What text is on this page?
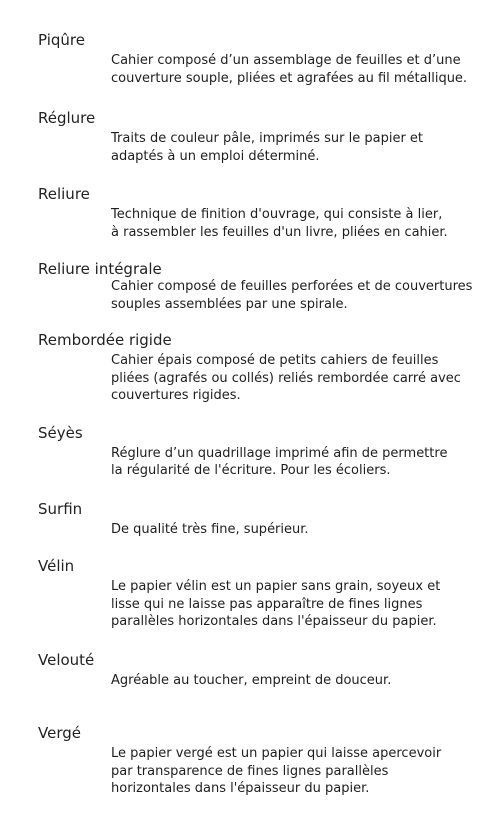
Piqûre
Cahier composé d’un assemblage de feuilles et d’une
couverture souple, pliées et agrafées au fil métallique.
Réglure
Traits de couleur pâle, imprimés sur le papier et
adaptés à un emploi déterminé.
Reliure
Technique de finition d'ouvrage, qui consiste à lier,
à rassembler les feuilles d'un livre, pliées en cahier.
Reliure intégrale
Cahier composé de feuilles perforées et de couvertures
souples assemblées par une spirale.
Rembordée rigide
Cahier épais composé de petits cahiers de feuilles
pliées (agrafés ou collés) reliés rembordée carré avec
couvertures rigides.
Séyès
Réglure d’un quadrillage imprimé afin de permettre
la régularité de l'écriture. Pour les écoliers.
Surfin
De qualité très fine, supérieur.
Vélin
Le papier vélin est un papier sans grain, soyeux et
lisse qui ne laisse pas apparaître de fines lignes
parallèles horizontales dans l'épaisseur du papier.
Velouté
Agréable au toucher, empreint de douceur.
Vergé
Le papier vergé est un papier qui laisse apercevoir
par transparence de fines lignes parallèles
horizontales dans l'épaisseur du papier.
